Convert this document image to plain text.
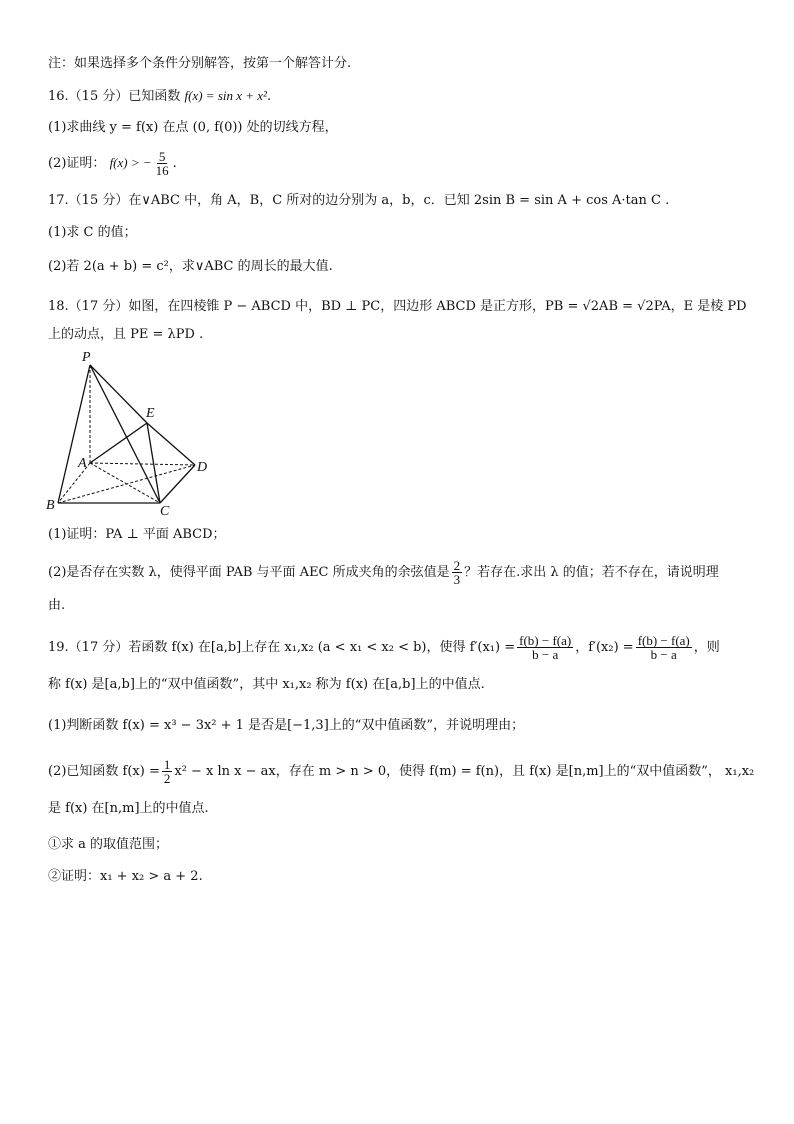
注：如果选择多个条件分别解答，按第一个解答计分.
16.（15 分）已知函数 f(x) = sin x + x².
(1)求曲线 y = f(x) 在点 (0, f(0)) 处的切线方程，
(2)证明： f(x) > − $\frac{5}{16}$ .
17.（15 分）在∨ABC 中，角 A，B，C 所对的边分别为 a，b，c．已知 2sin B = sin A + cos A·tan C .
(1)求 C 的值；
(2)若 2(a + b) = c²，求∨ABC 的周长的最大值.
18.（17 分）如图，在四棱锥 P − ABCD 中，BD ⊥ PC，四边形 ABCD 是正方形，PB = √2AB = √2PA，E 是棱 PD
上的动点，且 PE = λPD .
P
E
A	D
B	C
(1)证明：PA ⊥ 平面 ABCD；
(2)是否存在实数 λ，使得平面 PAB 与平面 AEC 所成夹角的余弦值是 $\frac{2}{3}$ ？若存在.求出 λ 的值；若不存在，请说明理
由.
19.（17 分）若函数 f(x) 在[a,b]上存在 x₁,x₂ (a < x₁ < x₂ < b)，使得 $f'(x_1) = \frac{f(b) - f(a)}{b - a}$ ，$f'(x_2) = \frac{f(b) - f(a)}{b - a}$ ，则
称 f(x) 是[a,b]上的“双中值函数”，其中 x₁,x₂ 称为 f(x) 在[a,b]上的中值点.
(1)判断函数 f(x) = x³ − 3x² + 1 是否是[−1,3]上的“双中值函数”，并说明理由；
(2)已知函数 $f(x) = \frac{1}{2} x^2 - x$ ln x − ax，存在 m > n > 0，使得 f(m) = f(n)，且 f(x) 是[n,m]上的“双中值函数”， x₁,x₂
是 f(x) 在[n,m]上的中值点.
①求 a 的取值范围；
②证明：x₁ + x₂ > a + 2.
